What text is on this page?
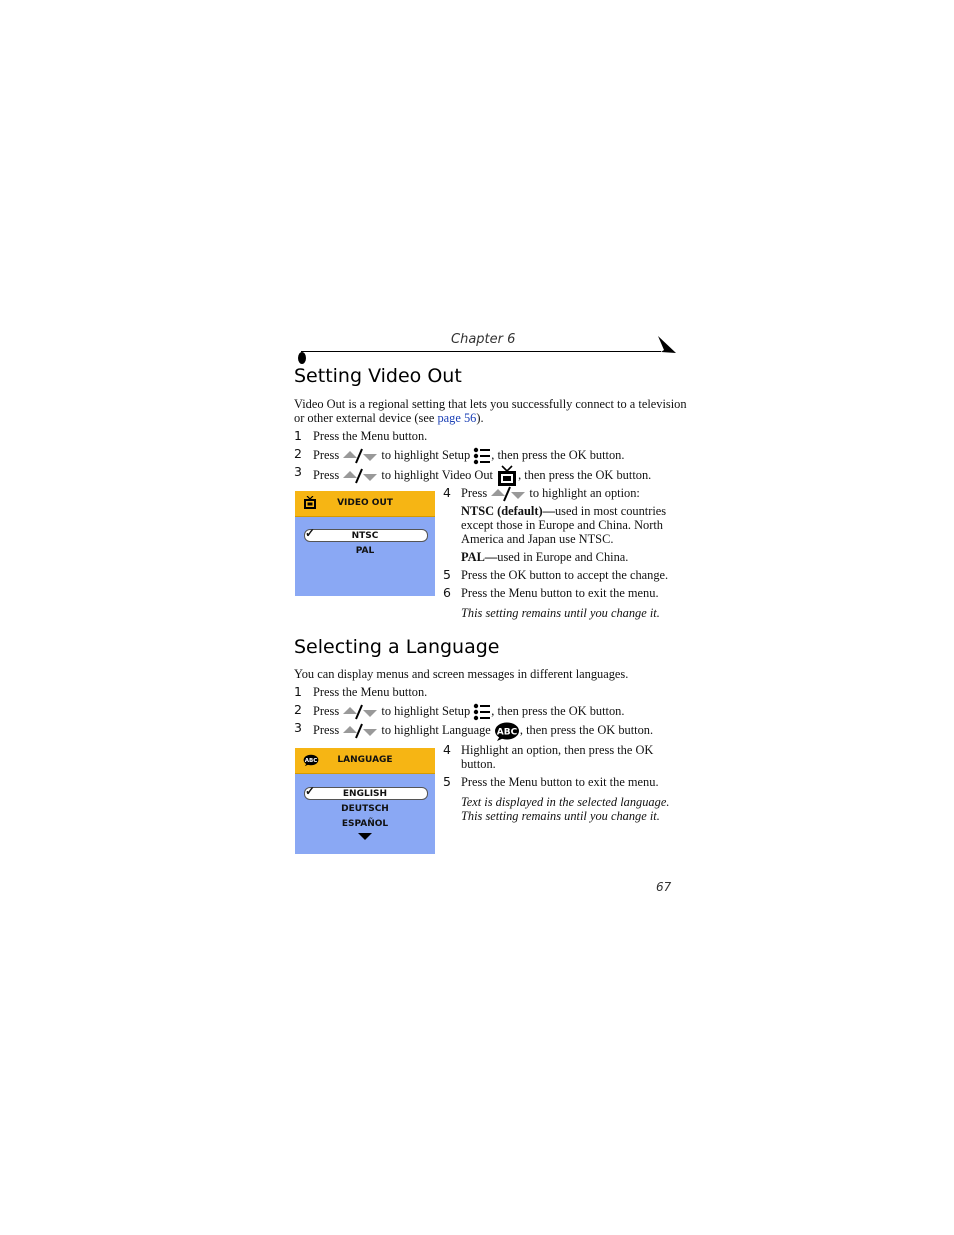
Chapter 6
Setting Video Out
Video Out is a regional setting that lets you successfully connect to a television
or other external device (see page 56).
1 Press the Menu button.
2 Press	to highlight Setup , then press the OK button.
3 Press	to highlight Video Out , then press the OK button.
VIDEO OUT
✓	NTSC
PAL
4 Press	to highlight an option:
NTSC (default)—used in most countries
except those in Europe and China. North
America and Japan use NTSC.
PAL—used in Europe and China.
5 Press the OK button to accept the change.
6 Press the Menu button to exit the menu.
This setting remains until you change it.
Selecting a Language
You can display menus and screen messages in different languages.
1 Press the Menu button.
2 Press	to highlight Setup , then press the OK button.
3 Press	to highlight Language ABC , then press the OK button.
ABC	LANGUAGE
✓	ENGLISH
DEUTSCH
ESPAÑOL
4 Highlight an option, then press the OK
button.
5 Press the Menu button to exit the menu.
Text is displayed in the selected language.
This setting remains until you change it.
67
